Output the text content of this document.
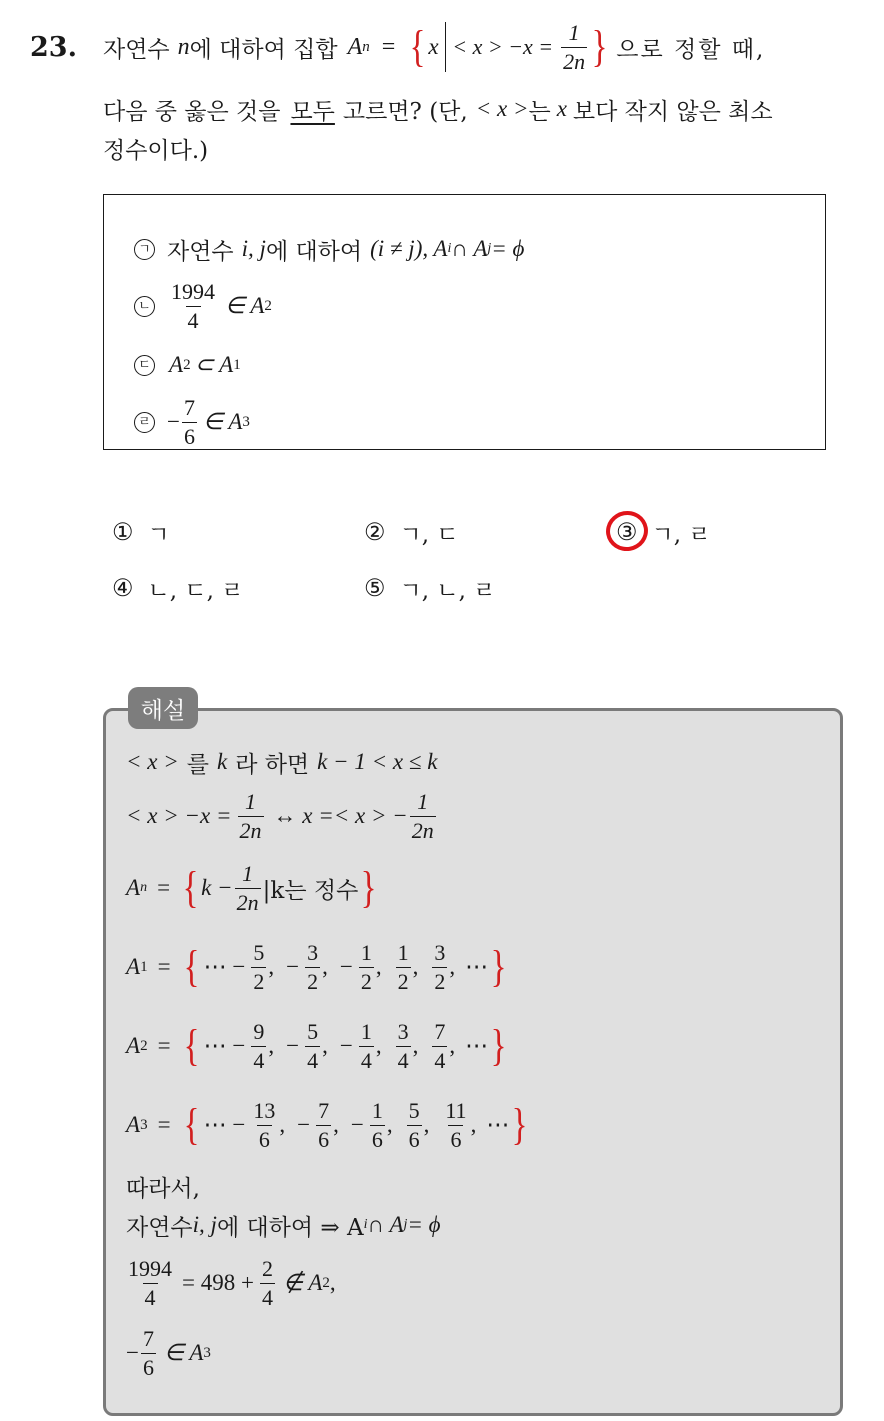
23. 자연수 n 에 대하여 집합 A n = { $x < x > -x = \frac{1}{2n}$ } 으로 정할 때,
다음 중 옳은 것을 모두 고르면? (단, < x > 는 x 보다 작지 않은 최소
정수이다.)
ㄱ 자연수 i, j 에 대하여 (i ≠ j), A i ∩ A j = ϕ
ㄴ $\frac{1994}{4}$ ∈ A 2
ㄷ A 2 ⊂ A 1
ㄹ − $\frac{7}{6}$ ∈ A 3
① ㄱ	② ㄱ, ㄷ	③ ㄱ, ㄹ
④ ㄴ, ㄷ, ㄹ	⑤ ㄱ, ㄴ, ㄹ
해설
< x > 를 k 라 하면 k − 1 < x ≤ k
< $x > -x = \frac{1}{2n}$ ↔ x =< x > − $\frac{1}{2n}$
A n = { $k - \frac{1}{2n} |k$는 정수 }
A 1 = { ⋯ − $\frac{5}{2}$ , − $\frac{3}{2}$ , − $\frac{1}{2}$ , $\frac{1}{2}$ , $\frac{3}{2}$ , ⋯ }
A 2 = { ⋯ − $\frac{9}{4}$ , − $\frac{5}{4}$ , − $\frac{1}{4}$ , $\frac{3}{4}$ , $\frac{7}{4}$ , ⋯ }
A 3 = { ⋯ − $\frac{13}{6}$ , − $\frac{7}{6}$ , − $\frac{1}{6}$ , $\frac{5}{6}$ , $\frac{11}{6}$ , ⋯ }
따라서,
자연수 i, j 에 대하여 ⇒ A i ∩ A j = ϕ
$\frac{1994}{4} = 498 + \frac{2}{4}$ ∉ A 2 ,
− $\frac{7}{6}$ ∈ A 3
